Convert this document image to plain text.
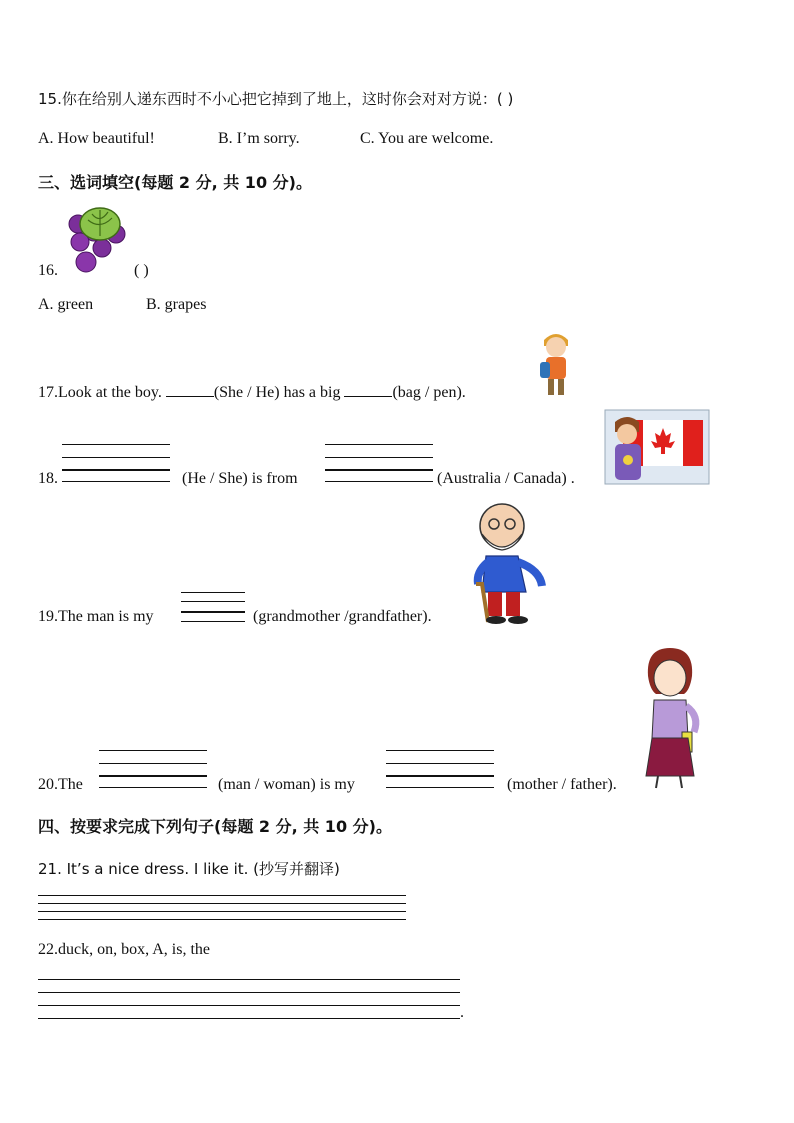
15.你在给别人递东西时不小心把它掉到了地上，这时你会对对方说：( )
A. How beautiful!	B. I’m sorry.	C. You are welcome.
三、选词填空(每题 2 分, 共 10 分)。
16.	( )
A. green	B. grapes
17.Look at the boy.	(She / He) has a big	(bag / pen).
18.	(He / She) is from	(Australia / Canada) .
19.The man is my	(grandmother /grandfather).
20.The	(man / woman) is my	(mother / father).
四、按要求完成下列句子(每题 2 分, 共 10 分)。
21. It’s a nice dress. I like it. (抄写并翻译)
22.duck, on, box, A, is, the
.
